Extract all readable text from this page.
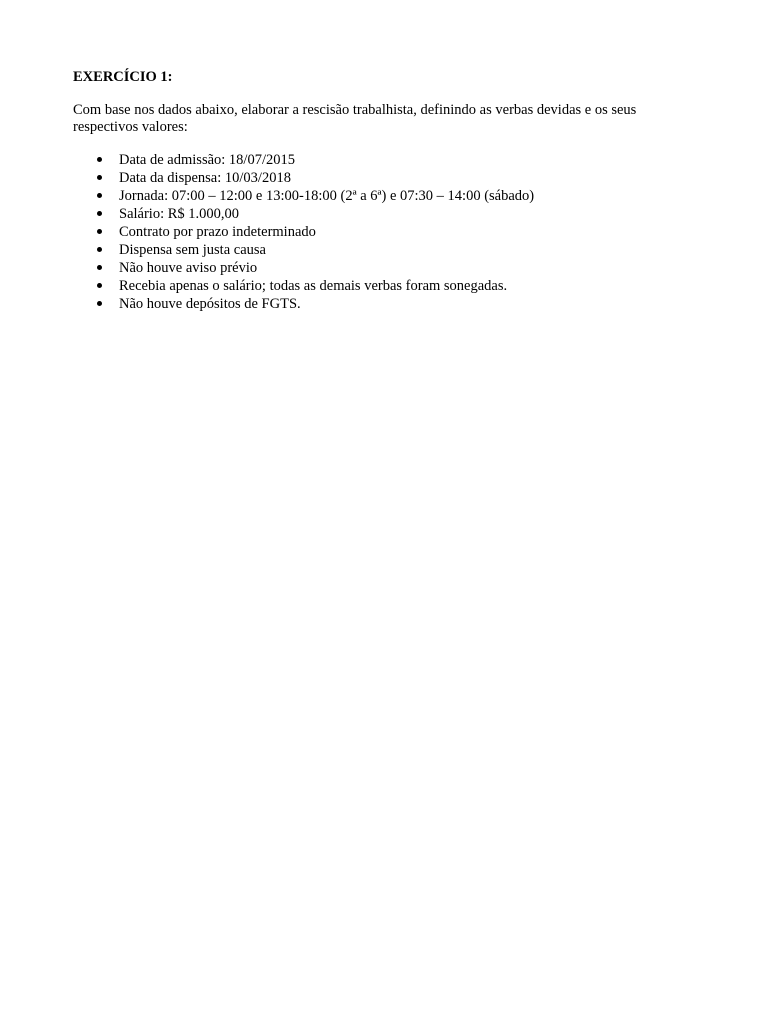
EXERCÍCIO 1:
Com base nos dados abaixo, elaborar a rescisão trabalhista, definindo as verbas devidas e os seus respectivos valores:
Data de admissão: 18/07/2015
Data da dispensa: 10/03/2018
Jornada: 07:00 – 12:00 e 13:00-18:00 (2ª a 6ª) e 07:30 – 14:00 (sábado)
Salário: R$ 1.000,00
Contrato por prazo indeterminado
Dispensa sem justa causa
Não houve aviso prévio
Recebia apenas o salário; todas as demais verbas foram sonegadas.
Não houve depósitos de FGTS.
